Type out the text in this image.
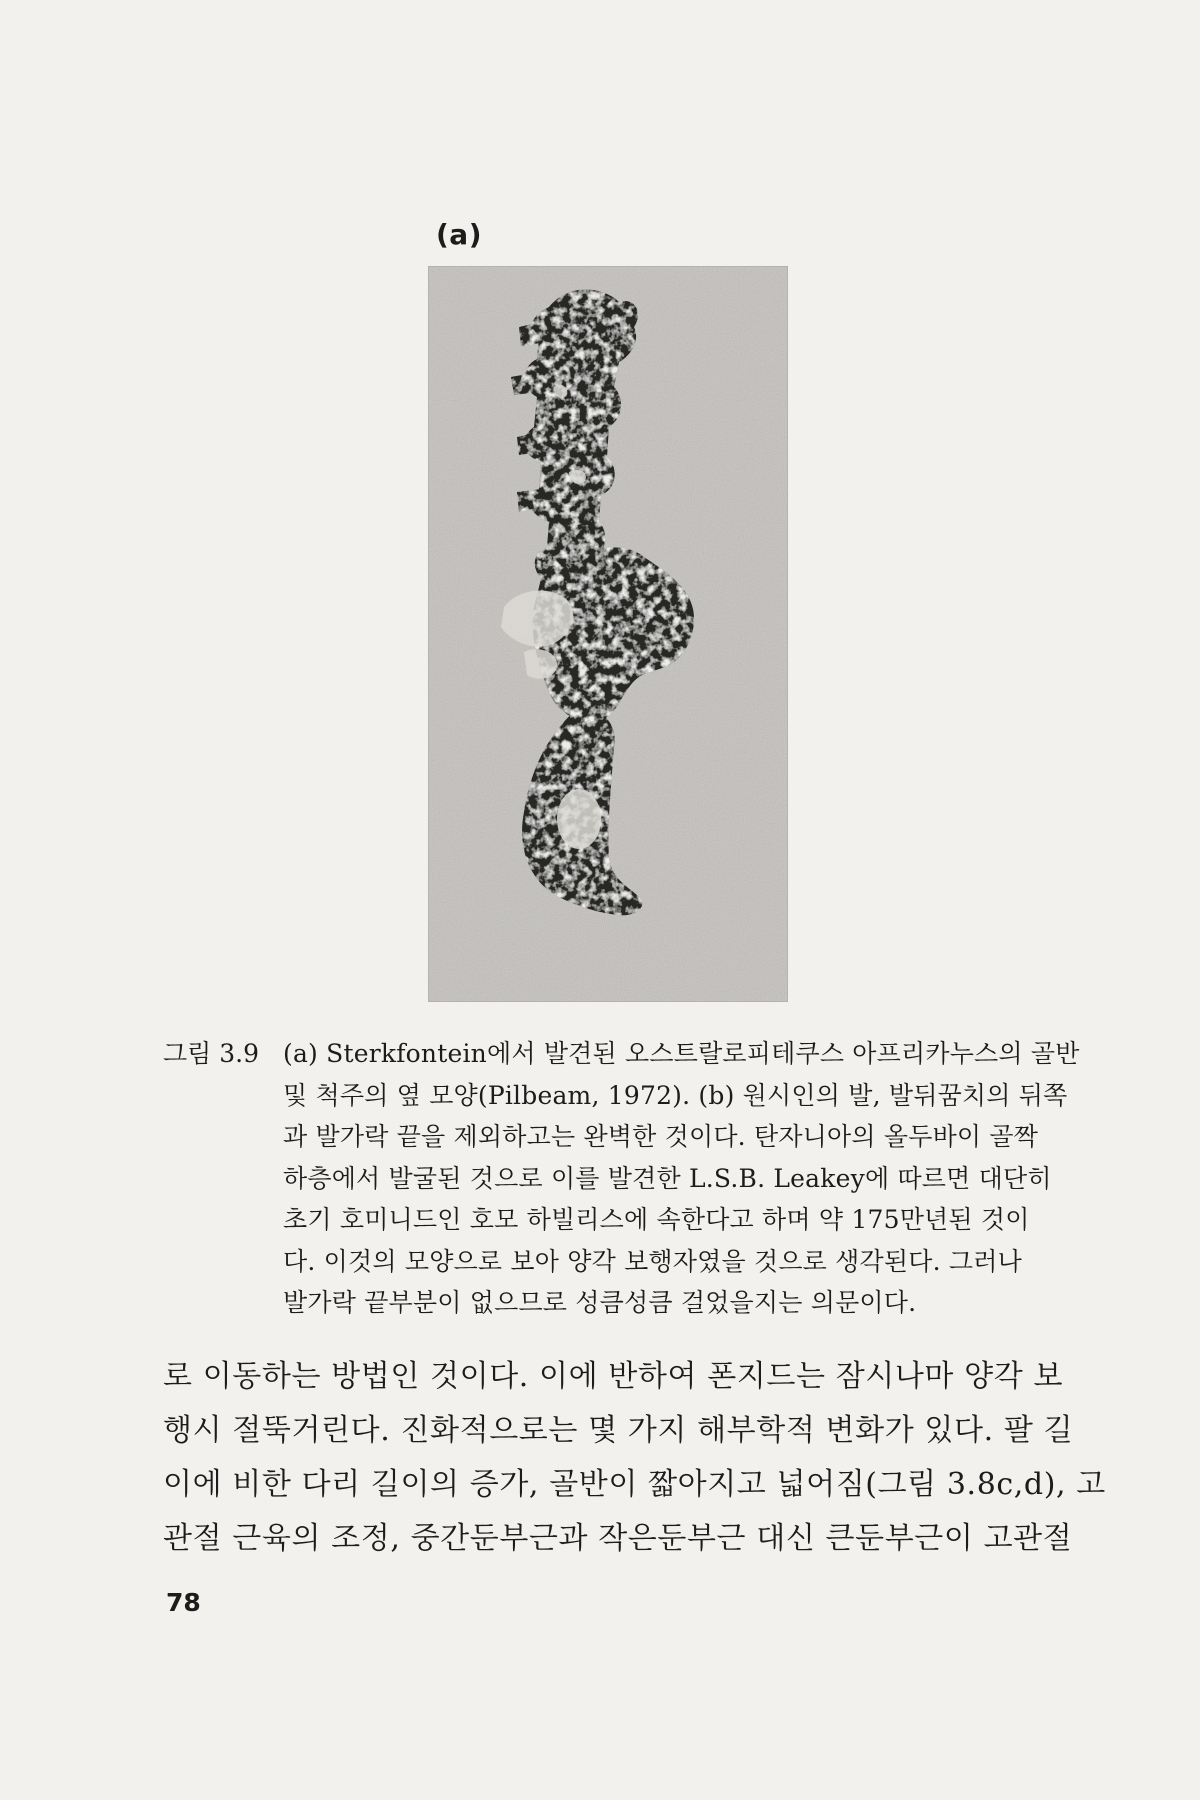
(a)
그림 3.9 (a) Sterkfontein에서 발견된 오스트랄로피테쿠스 아프리카누스의 골반
및 척주의 옆 모양(Pilbeam, 1972). (b) 원시인의 발, 발뒤꿈치의 뒤쪽
과 발가락 끝을 제외하고는 완벽한 것이다. 탄자니아의 올두바이 골짝
하층에서 발굴된 것으로 이를 발견한 L.S.B. Leakey에 따르면 대단히
초기 호미니드인 호모 하빌리스에 속한다고 하며 약 175만년된 것이
다. 이것의 모양으로 보아 양각 보행자였을 것으로 생각된다. 그러나
발가락 끝부분이 없으므로 성큼성큼 걸었을지는 의문이다.
로 이동하는 방법인 것이다. 이에 반하여 폰지드는 잠시나마 양각 보
행시 절뚝거린다. 진화적으로는 몇 가지 해부학적 변화가 있다. 팔 길
이에 비한 다리 길이의 증가, 골반이 짧아지고 넓어짐(그림 3.8c,d), 고
관절 근육의 조정, 중간둔부근과 작은둔부근 대신 큰둔부근이 고관절
78
